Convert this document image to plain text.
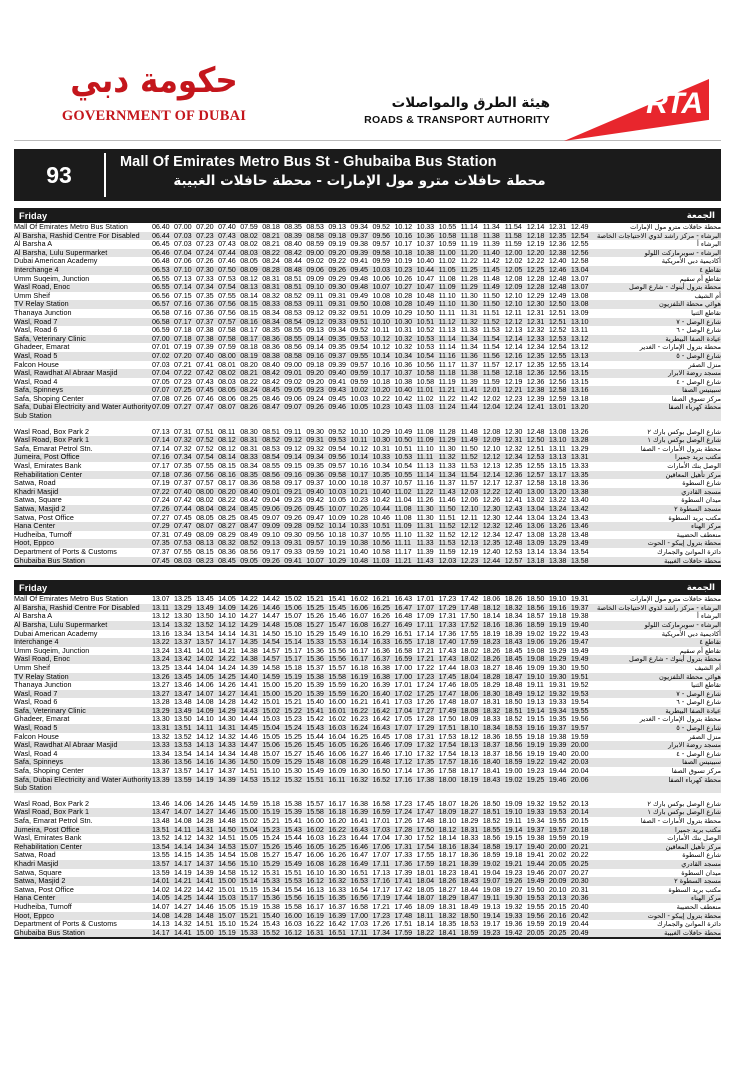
حكومة دبي
GOVERNMENT OF DUBAI
هيئة الطرق والمواصلات
ROADS & TRANSPORT AUTHORITY	RTA
93	Mall Of Emirates Metro Bus St - Ghubaiba Bus Station
محطة حافلات مترو مول الإمارات - محطة حافلات الغبيبة
Friday	الجمعة
Mall Of Emirates Metro Bus Station	06.40	07.00	07.20	07.40	07.59	08.18	08.35	08.53	09.13	09.34	09.52	10.12	10.33	10.55	11.14	11.34	11.54	12.14	12.31	12.49	محطة حافلات مترو مول الإمارات
Al Barsha, Rashid Centre For Disabled	06.44	07.03	07.23	07.43	08.02	08.21	08.39	08.58	09.18	09.37	09.56	10.16	10.36	10.58	11.18	11.38	11.58	12.18	12.35	12.54	البرشاء - مركز راشد لذوي الاحتياجات الخاصة
Al Barsha A	06.45	07.03	07.23	07.43	08.02	08.21	08.40	08.59	09.19	09.38	09.57	10.17	10.37	10.59	11.19	11.39	11.59	12.19	12.36	12.55	البرشاء أ
Al Barsha, Lulu Supermarket	06.46	07.04	07.24	07.44	08.03	08.22	08.42	09.00	09.20	09.39	09.58	10.18	10.38	11.00	11.20	11.40	12.00	12.20	12.38	12.56	البرشاء - سوبرماركت اللولو
Dubai American Academy	06.48	07.06	07.26	07.46	08.05	08.24	08.44	09.02	09.22	09.41	09.59	10.19	10.40	11.02	11.22	11.42	12.02	12.22	12.40	12.58	أكاديمية دبي الأمريكية
Interchange 4	06.53	07.10	07.30	07.50	08.09	08.28	08.48	09.06	09.26	09.45	10.03	10.23	10.44	11.05	11.25	11.45	12.05	12.25	12.46	13.04	تقاطع ٤
Umm Suqeim, Junction	06.55	07.13	07.33	07.53	08.12	08.31	08.51	09.09	09.29	09.48	10.06	10.26	10.47	11.08	11.28	11.48	12.08	12.28	12.48	13.07	تقاطع أم سقيم
Wasl Road, Enoc	06.55	07.14	07.34	07.54	08.13	08.31	08.51	09.10	09.30	09.48	10.07	10.27	10.47	11.09	11.29	11.49	12.09	12.28	12.48	13.07	محطة بترول أينوك - شارع الوصل
Umm Sheif	06.56	07.15	07.35	07.55	08.14	08.32	08.52	09.11	09.31	09.49	10.08	10.28	10.48	11.10	11.30	11.50	12.10	12.29	12.49	13.08	أم الشيف
TV Relay Station	06.57	07.16	07.36	07.56	08.15	08.33	08.53	09.11	09.31	09.50	10.08	10.28	10.49	11.10	11.30	11.50	12.10	12.30	12.50	13.08	هوائي محطة التلفزيون
Thanaya Junction	06.58	07.16	07.36	07.56	08.15	08.34	08.53	09.12	09.32	09.51	10.09	10.29	10.50	11.11	11.31	11.51	12.11	12.31	12.51	13.09	تقاطع الثنيا
Wasl, Road 7	06.58	07.17	07.37	07.57	08.16	08.34	08.54	09.12	09.33	09.51	10.10	10.30	10.51	11.12	11.32	11.52	12.12	12.31	12.51	13.10	شارع الوصل - ٧
Wasl, Road 6	06.59	07.18	07.38	07.58	08.17	08.35	08.55	09.13	09.34	09.52	10.11	10.31	10.52	11.13	11.33	11.53	12.13	12.32	12.52	13.11	شارع الوصل - ٦
Safa, Veterinary Clinic	07.00	07.18	07.38	07.58	08.17	08.36	08.55	09.14	09.35	09.53	10.12	10.32	10.53	11.14	11.34	11.54	12.14	12.33	12.53	13.12	عيادة الصفا البيطرية
Ghadeer, Emarat	07.01	07.19	07.39	07.59	08.18	08.36	08.56	09.14	09.35	09.54	10.12	10.32	10.53	11.14	11.34	11.54	12.14	12.34	12.54	13.12	محطة بترول الإمارات - الغدير
Wasl, Road 5	07.02	07.20	07.40	08.00	08.19	08.38	08.58	09.16	09.37	09.55	10.14	10.34	10.54	11.16	11.36	11.56	12.16	12.35	12.55	13.13	شارع الوصل - ٥
Falcon House	07.03	07.21	07.41	08.01	08.20	08.40	09.00	09.18	09.39	09.57	10.16	10.36	10.56	11.17	11.37	11.57	12.17	12.35	12.55	13.14	منزل الصقر
Wasl, Rawdhat Al Abraar Masjid	07.04	07.22	07.42	08.02	08.21	08.42	09.01	09.20	09.40	09.59	10.17	10.37	10.58	11.18	11.38	11.58	12.18	12.36	12.56	13.15	مسجد روضة الابرار
Wasl, Road 4	07.05	07.23	07.43	08.03	08.22	08.42	09.02	09.20	09.41	09.59	10.18	10.38	10.58	11.19	11.39	11.59	12.19	12.36	12.56	13.15	شارع الوصل - ٤
Safa, Spinneys	07.07	07.25	07.45	08.05	08.24	08.45	09.05	09.23	09.43	10.02	10.20	10.40	11.01	11.21	11.41	12.01	12.21	12.38	12.58	13.16	سبينيس الصفا
Safa, Shoping Center	07.08	07.26	07.46	08.06	08.25	08.46	09.06	09.24	09.45	10.03	10.22	10.42	11.02	11.22	11.42	12.02	12.23	12.39	12.59	13.18	مركز تسوق الصفا
Safa, Dubai Electricity and Water Authority Sub Station	07.09	07.27	07.47	08.07	08.26	08.47	09.07	09.26	09.46	10.05	10.23	10.43	11.03	11.24	11.44	12.04	12.24	12.41	13.01	13.20	محطة كهرباء الصفا

Wasl Road, Box Park 2	07.13	07.31	07.51	08.11	08.30	08.51	09.11	09.30	09.52	10.10	10.29	10.49	11.08	11.28	11.48	12.08	12.30	12.48	13.08	13.26	شارع الوصل بوكس بارك ٢
Wasl Road, Box Park 1	07.14	07.32	07.52	08.12	08.31	08.52	09.12	09.31	09.53	10.11	10.30	10.50	11.09	11.29	11.49	12.09	12.31	12.50	13.10	13.28	شارع الوصل بوكس بارك ١
Safa, Emarat Petrol Stn.	07.14	07.32	07.52	08.12	08.31	08.53	09.12	09.32	09.54	10.12	10.31	10.51	11.10	11.30	11.50	12.10	12.32	12.51	13.11	13.29	محطة بترول الأمارات - الصفا
Jumeira, Post Office	07.16	07.34	07.54	08.14	08.33	08.54	09.14	09.34	09.56	10.14	10.33	10.53	11.11	11.32	11.52	12.12	12.34	12.53	13.13	13.31	مكتب بريد جميرا
Wasl, Emirates Bank	07.17	07.35	07.55	08.15	08.34	08.55	09.15	09.35	09.57	10.16	10.34	10.54	11.13	11.33	11.53	12.13	12.35	12.55	13.15	13.33	الوصل بنك الأمارات
Rehabilitation Center	07.18	07.36	07.56	08.16	08.35	08.56	09.16	09.36	09.58	10.17	10.35	10.55	11.14	11.34	11.54	12.14	12.36	12.57	13.17	13.35	مركز تأهيل المعاقين
Satwa, Road	07.19	07.37	07.57	08.17	08.36	08.58	09.17	09.37	10.00	10.18	10.37	10.57	11.16	11.37	11.57	12.17	12.37	12.58	13.18	13.36	شارع السطوة
Khadri Masjid	07.22	07.40	08.00	08.20	08.40	09.01	09.21	09.40	10.03	10.21	10.40	11.02	11.22	11.43	12.03	12.22	12.40	13.00	13.20	13.38	مسجد القادري
Satwa, Square	07.24	07.42	08.02	08.22	08.42	09.04	09.23	09.42	10.05	10.23	10.42	11.04	11.26	11.46	12.06	12.26	12.41	13.02	13.22	13.40	ميدان السطوة
Satwa, Masjid 2	07.26	07.44	08.04	08.24	08.45	09.06	09.26	09.45	10.07	10.26	10.44	11.08	11.30	11.50	12.10	12.30	12.43	13.04	13.24	13.42	مسجد السطوة ٢
Satwa, Post Office	07.27	07.45	08.05	08.25	08.45	09.07	09.26	09.47	10.09	10.28	10.46	11.08	11.30	11.51	12.11	12.30	12.44	13.04	13.24	13.43	مكتب بريد السطوة
Hana Center	07.29	07.47	08.07	08.27	08.47	09.09	09.28	09.52	10.14	10.33	10.51	11.09	11.31	11.52	12.12	12.32	12.46	13.06	13.26	13.46	مركز الهناء
Hudheiba, Turnoff	07.31	07.49	08.09	08.29	08.49	09.10	09.30	09.56	10.18	10.37	10.55	11.10	11.32	11.52	12.12	12.34	12.47	13.08	13.28	13.48	منعطف الحضيبة
Hoot, Eppco	07.35	07.53	08.13	08.32	08.52	09.13	09.31	09.57	10.19	10.38	10.56	11.11	11.33	11.53	12.13	12.35	12.48	13.09	13.29	13.49	محطة بترول إيبكو - الحوت
Department of Ports & Customs	07.37	07.55	08.15	08.36	08.56	09.17	09.33	09.59	10.21	10.40	10.58	11.17	11.39	11.59	12.19	12.40	12.53	13.14	13.34	13.54	دائرة الموانئ والجمارك
Ghubaiba Bus Station	07.45	08.03	08.23	08.45	09.05	09.26	09.41	10.07	10.29	10.48	11.03	11.21	11.43	12.03	12.23	12.44	12.57	13.18	13.38	13.58	محطة حافلات الغبيبة
Friday	الجمعة
Mall Of Emirates Metro Bus Station	13.07	13.25	13.45	14.05	14.22	14.42	15.02	15.21	15.41	16.02	16.21	16.43	17.01	17.23	17.42	18.06	18.26	18.50	19.10	19.31	محطة حافلات مترو مول الإمارات
Al Barsha, Rashid Centre For Disabled	13.11	13.29	13.49	14.09	14.26	14.46	15.06	15.25	15.45	16.06	16.25	16.47	17.07	17.29	17.48	18.12	18.32	18.56	19.16	19.37	البرشاء - مركز راشد لذوي الاحتياجات الخاصة
Al Barsha A	13.12	13.30	13.50	14.10	14.27	14.47	15.07	15.26	15.46	16.07	16.26	16.48	17.09	17.31	17.50	18.14	18.34	18.57	19.18	19.38	البرشاء أ
Al Barsha, Lulu Supermarket	13.14	13.32	13.52	14.12	14.29	14.48	15.08	15.27	15.47	16.08	16.27	16.49	17.11	17.33	17.52	18.16	18.36	18.59	19.19	19.40	البرشاء - سوبرماركت اللولو
Dubai American Academy	13.16	13.34	13.54	14.14	14.31	14.50	15.10	15.29	15.49	16.10	16.29	16.51	17.14	17.36	17.55	18.19	18.39	19.02	19.22	19.43	أكاديمية دبي الأمريكية
Interchange 4	13.22	13.37	13.57	14.17	14.35	14.54	15.14	15.33	15.53	16.14	16.33	16.55	17.18	17.40	17.59	18.23	18.43	19.06	19.26	19.47	تقاطع ٤
Umm Suqeim, Junction	13.24	13.41	14.01	14.21	14.38	14.57	15.17	15.36	15.56	16.17	16.36	16.58	17.21	17.43	18.02	18.26	18.45	19.08	19.29	19.49	تقاطع أم سقيم
Wasl Road, Enoc	13.24	13.42	14.02	14.22	14.38	14.57	15.17	15.36	15.56	16.17	16.37	16.59	17.21	17.43	18.02	18.26	18.45	19.08	19.29	19.49	محطة بترول أينوك - شارع الوصل
Umm Sheif	13.25	13.44	14.04	14.24	14.39	14.58	15.18	15.37	15.57	16.18	16.38	17.00	17.22	17.44	18.03	18.27	18.46	19.09	19.30	19.50	أم الشيف
TV Relay Station	13.26	13.45	14.05	14.25	14.40	14.59	15.19	15.38	15.58	16.19	16.38	17.00	17.23	17.45	18.04	18.28	18.47	19.10	19.30	19.51	هوائي محطة التلفزيون
Thanaya Junction	13.27	13.46	14.06	14.26	14.41	15.00	15.20	15.39	15.59	16.20	16.39	17.01	17.24	17.46	18.05	18.29	18.48	19.11	19.31	19.52	تقاطع الثنيا
Wasl, Road 7	13.27	13.47	14.07	14.27	14.41	15.00	15.20	15.39	15.59	16.20	16.40	17.02	17.25	17.47	18.06	18.30	18.49	19.12	19.32	19.53	شارع الوصل - ٧
Wasl, Road 6	13.28	13.48	14.08	14.28	14.42	15.01	15.21	15.40	16.00	16.21	16.41	17.03	17.26	17.48	18.07	18.31	18.50	19.13	19.33	19.54	شارع الوصل - ٦
Safa, Veterinary Clinic	13.29	13.49	14.09	14.29	14.43	15.02	15.22	15.41	16.01	16.22	16.42	17.04	17.27	17.49	18.08	18.32	18.51	19.14	19.34	19.55	عيادة الصفا البيطرية
Ghadeer, Emarat	13.30	13.50	14.10	14.30	14.44	15.03	15.23	15.42	16.02	16.23	16.42	17.05	17.28	17.50	18.09	18.33	18.52	19.15	19.35	19.56	محطة بترول الإمارات - الغدير
Wasl, Road 5	13.31	13.51	14.11	14.31	14.45	15.04	15.24	15.43	16.03	16.24	16.43	17.07	17.29	17.51	18.10	18.34	18.53	19.16	19.37	19.57	شارع الوصل - ٥
Falcon House	13.32	13.52	14.12	14.32	14.46	15.05	15.25	15.44	16.04	16.25	16.45	17.08	17.31	17.53	18.12	18.36	18.55	19.18	19.38	19.59	منزل الصقر
Wasl, Rawdhat Al Abraar Masjid	13.33	13.53	14.13	14.33	14.47	15.06	15.26	15.45	16.05	16.26	16.46	17.09	17.32	17.54	18.13	18.37	18.56	19.19	19.39	20.00	مسجد روضة الابرار
Wasl, Road 4	13.34	13.54	14.14	14.34	14.48	15.07	15.27	15.46	16.06	16.27	16.46	17.10	17.32	17.54	18.13	18.37	18.56	19.19	19.40	20.00	شارع الوصل - ٤
Safa, Spinneys	13.36	13.56	14.16	14.36	14.50	15.09	15.29	15.48	16.08	16.29	16.48	17.12	17.35	17.57	18.16	18.40	18.59	19.22	19.42	20.03	سبينيس الصفا
Safa, Shoping Center	13.37	13.57	14.17	14.37	14.51	15.10	15.30	15.49	16.09	16.30	16.50	17.14	17.36	17.58	18.17	18.41	19.00	19.23	19.44	20.04	مركز تسوق الصفا
Safa, Dubai Electricity and Water Authority Sub Station	13.39	13.59	14.19	14.39	14.53	15.12	15.32	15.51	16.11	16.32	16.52	17.16	17.38	18.00	18.19	18.43	19.02	19.25	19.46	20.06	محطة كهرباء الصفا

Wasl Road, Box Park 2	13.46	14.06	14.26	14.45	14.59	15.18	15.38	15.57	16.17	16.38	16.58	17.23	17.45	18.07	18.26	18.50	19.09	19.32	19.52	20.13	شارع الوصل بوكس بارك ٢
Wasl Road, Box Park 1	13.47	14.07	14.27	14.46	15.00	15.19	15.39	15.58	16.18	16.39	16.59	17.24	17.47	18.09	18.27	18.51	19.10	19.33	19.53	20.14	شارع الوصل بوكس بارك ١
Safa, Emarat Petrol Stn.	13.48	14.08	14.28	14.48	15.02	15.21	15.41	16.00	16.20	16.41	17.01	17.26	17.48	18.10	18.29	18.52	19.11	19.34	19.55	20.15	محطة بترول الأمارات - الصفا
Jumeira, Post Office	13.51	14.11	14.31	14.50	15.04	15.23	15.43	16.02	16.22	16.43	17.03	17.28	17.50	18.12	18.31	18.55	19.14	19.37	19.57	20.18	مكتب بريد جميرا
Wasl, Emirates Bank	13.52	14.12	14.32	14.51	15.05	15.24	15.44	16.03	16.23	16.44	17.04	17.30	17.52	18.14	18.33	18.56	19.15	19.38	19.59	20.19	الوصل بنك الأمارات
Rehabilitation Center	13.54	14.14	14.34	14.53	15.07	15.26	15.46	16.05	16.25	16.46	17.06	17.31	17.54	18.16	18.34	18.58	19.17	19.40	20.00	20.21	مركز تأهيل المعاقين
Satwa, Road	13.55	14.15	14.35	14.54	15.08	15.27	15.47	16.06	16.26	16.47	17.07	17.33	17.55	18.17	18.36	18.59	19.18	19.41	20.02	20.22	شارع السطوة
Khadri Masjid	13.57	14.17	14.37	14.56	15.10	15.29	15.49	16.08	16.28	16.49	17.11	17.36	17.59	18.21	18.39	19.02	19.21	19.44	20.05	20.25	مسجد القادري
Satwa, Square	13.59	14.19	14.39	14.58	15.12	15.31	15.51	16.10	16.30	16.51	17.13	17.39	18.01	18.23	18.41	19.04	19.23	19.46	20.07	20.27	ميدان السطوة
Satwa, Masjid 2	14.01	14.21	14.41	15.00	15.14	15.33	15.53	16.12	16.32	16.53	17.16	17.41	18.04	18.26	18.43	19.07	19.26	19.49	20.09	20.30	مسجد السطوة ٢
Satwa, Post Office	14.02	14.22	14.42	15.01	15.15	15.34	15.54	16.13	16.33	16.54	17.17	17.42	18.05	18.27	18.44	19.08	19.27	19.50	20.10	20.31	مكتب بريد السطوة
Hana Center	14.05	14.25	14.44	15.03	15.17	15.36	15.56	16.15	16.35	16.56	17.19	17.44	18.07	18.29	18.47	19.11	19.30	19.53	20.13	20.36	مركز الهناء
Hudheiba, Turnoff	14.07	14.27	14.46	15.05	15.19	15.38	15.58	16.17	16.37	16.58	17.21	17.46	18.09	18.31	18.49	19.13	19.32	19.55	20.15	20.40	منعطف الحضيبة
Hoot, Eppco	14.08	14.28	14.48	15.07	15.21	15.40	16.00	16.19	16.39	17.00	17.23	17.48	18.11	18.32	18.50	19.14	19.33	19.56	20.16	20.42	محطة بترول إيبكو - الحوت
Department of Ports & Customs	14.13	14.32	14.51	15.10	15.24	15.43	16.03	16.22	16.42	17.03	17.26	17.51	18.14	18.35	18.53	19.17	19.36	19.59	20.19	20.44	دائرة الموانئ والجمارك
Ghubaiba Bus Station	14.17	14.41	15.00	15.19	15.33	15.52	16.12	16.31	16.51	17.11	17.34	17.59	18.22	18.41	18.59	19.23	19.42	20.05	20.25	20.49	محطة حافلات الغبيبة
